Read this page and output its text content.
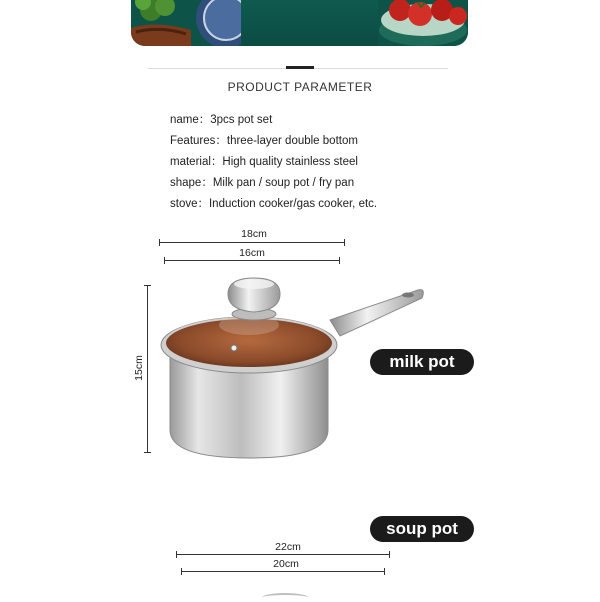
PRODUCT PARAMETER
name：3pcs pot set
Features：three-layer double bottom
material：High quality stainless steel
shape：Milk pan / soup pot / fry pan
stove：Induction cooker/gas cooker, etc.
18cm
16cm
15cm	milk pot
soup pot
22cm
20cm
